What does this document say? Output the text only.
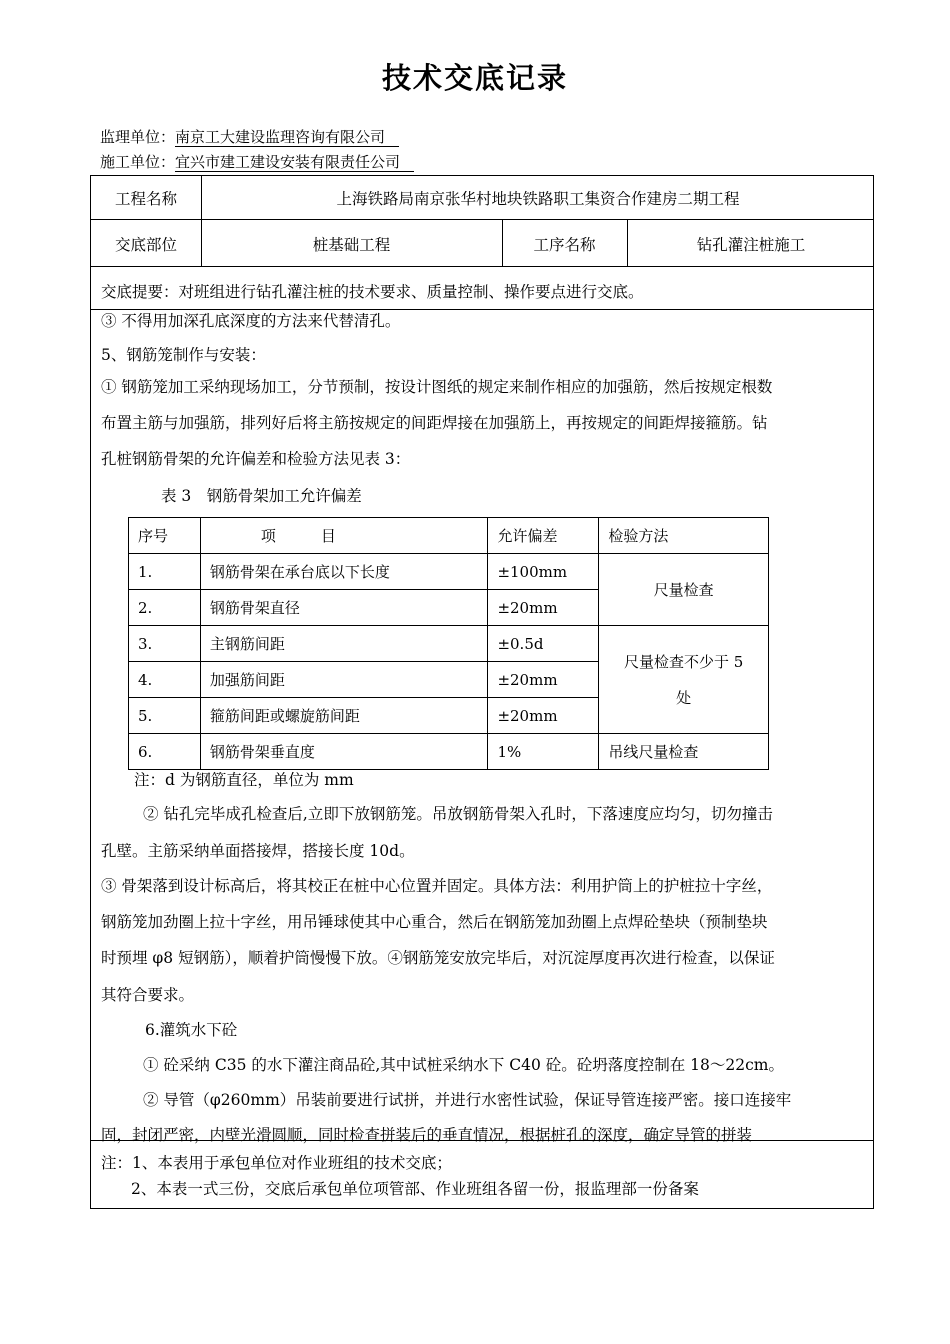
技术交底记录
监理单位：南京工大建设监理咨询有限公司
施工单位：宜兴市建工建设安装有限责任公司
工程名称	上海铁路局南京张华村地块铁路职工集资合作建房二期工程
交底部位	桩基础工程	工序名称	钻孔灌注桩施工
交底提要：对班组进行钻孔灌注桩的技术要求、质量控制、操作要点进行交底。
③ 不得用加深孔底深度的方法来代替清孔。
5、钢筋笼制作与安装：
① 钢筋笼加工采纳现场加工，分节预制，按设计图纸的规定来制作相应的加强筋，然后按规定根数
布置主筋与加强筋，排列好后将主筋按规定的间距焊接在加强筋上，再按规定的间距焊接箍筋。钻
孔桩钢筋骨架的允许偏差和检验方法见表 3：
表 3　钢筋骨架加工允许偏差
序号	项　　　目	允许偏差	检验方法
1.	钢筋骨架在承台底以下长度	±100mm	尺量检查
2.	钢筋骨架直径	±20mm	
3.	主钢筋间距	±0.5d	尺量检查不少于 5
处

4.	加强筋间距	±20mm	
5.	箍筋间距或螺旋筋间距	±20mm	
6.	钢筋骨架垂直度	1%	吊线尺量检查
注：d 为钢筋直径，单位为 mm
② 钻孔完毕成孔检查后,立即下放钢筋笼。吊放钢筋骨架入孔时，下落速度应均匀，切勿撞击
孔壁。主筋采纳单面搭接焊，搭接长度 10d。
③ 骨架落到设计标高后，将其校正在桩中心位置并固定。具体方法：利用护筒上的护桩拉十字丝，
钢筋笼加劲圈上拉十字丝，用吊锤球使其中心重合，然后在钢筋笼加劲圈上点焊砼垫块（预制垫块
时预埋 φ8 短钢筋），顺着护筒慢慢下放。④钢筋笼安放完毕后，对沉淀厚度再次进行检查，以保证
其符合要求。
6.灌筑水下砼
① 砼采纳 C35 的水下灌注商品砼,其中试桩采纳水下 C40 砼。砼坍落度控制在 18～22cm。
② 导管（φ260mm）吊装前要进行试拼，并进行水密性试验，保证导管连接严密。接口连接牢
固，封闭严密，内壁光滑圆顺，同时检查拼装后的垂直情况，根据桩孔的深度，确定导管的拼装
注：1、本表用于承包单位对作业班组的技术交底；
2、本表一式三份，交底后承包单位项管部、作业班组各留一份，报监理部一份备案
